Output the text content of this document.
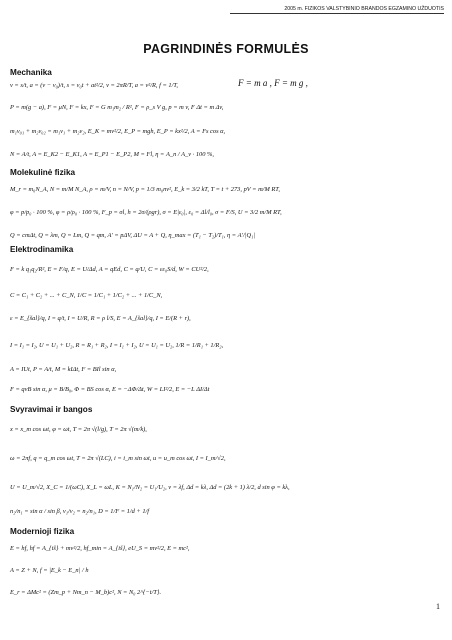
2005 m. FIZIKOS VALSTYBINIO BRANDOS EGZAMINO UŽDUOTIS
PAGRINDINĖS FORMULĖS
Mechanika
v = s/t, a = (v − v₀)/t, s = v₀t + at²/2, v = 2πR/T, a = v²/R, f = 1/T,	F = m a , F = m g ,
P = m(g − a), F = μN, F = kx, F = G m₁m₂ / R², F = ρ_s V g, p = m v, F Δt = m Δv,
m₁v₀₁ + m₂v₀₂ = m₁v₁ + m₂v₂, E_K = mv²/2, E_P = mgh, E_P = kx²/2, A = Fs cos α,
N = A/t, A = E_K2 − E_K1, A = E_P1 − E_P2, M = Fl, η = A_n / A_v · 100 %,
Molekulinė fizika
M_r = m₀N_A, N = m/M N_A, ρ = m/V, n = N/V, p = 1/3 m₀nv², E_k = 3/2 kT, T = t + 273, pV = m/M RT,
φ = p/p₀ · 100 %, φ = ρ/ρ₀ · 100 %, F_p = σl, h = 2σ/(ρgr), σ = E|ε₀|, ε₀ = Δl/l₀, σ = F/S, U = 3/2 m/M RT,
Q = cmΔt, Q = λm, Q = Lm, Q = qm, A′ = pΔV, ΔU = A + Q, η_max = (T₁ − T₂)/T₁, η = A′/|Q₁|
Elektrodinamika
F = k q₁q₂/R², E = F/q, E = U/Δd, A = qEd, C = q/U, C = εε₀S/d, W = CU²/2,
C = C₁ + C₂ + ... + C_N, 1/C = 1/C₁ + 1/C₂ + ... + 1/C_N,
ε = E_{šal}/q, I = q/t, I = U/R, R = ρ l/S, E = A_{šal}/q, I = E/(R + r),
I = I₁ = I₂, U = U₁ + U₂, R = R₁ + R₂, I = I₁ + I₂, U = U₁ = U₂, 1/R = 1/R₁ + 1/R₂,
A = IUt, P = A/t, M = kIΔt, F = BIl sin α,
F = qvB sin α, μ = B/B₀, Φ = BS cos α, E = −ΔΦ/Δt, W = LI²/2, E = −L ΔI/Δt
Svyravimai ir bangos
x = x_m cos ωt, φ = ωt, T = 2π √(l/g), T = 2π √(m/k),
ω = 2πf, q = q_m cos ωt, T = 2π √(LC), i = i_m sin ωt, u = u_m cos ωt, I = I_m/√2,
U = U_m/√2, X_C = 1/(ωC), X_L = ωL, K = N₁/N₂ = U₁/U₂, v = λf, Δd = kλ, Δd = (2k + 1) λ/2, d sin φ = kλ,
n₂/n₁ = sin α / sin β, v₁/v₂ = n₂/n₁, D = 1/F = 1/d + 1/f
Modernioji fizika
E = hf, hf = A_{iš} + mv²/2, hf_min = A_{iš}, eU_S = mv²/2, E = mc²,
A = Z + N, f = |E_k − E_n| / h
E_r = ΔMc² = (Zm_p + Nm_n − M_b)c², N = N₀ 2^{−t/T}.
1
